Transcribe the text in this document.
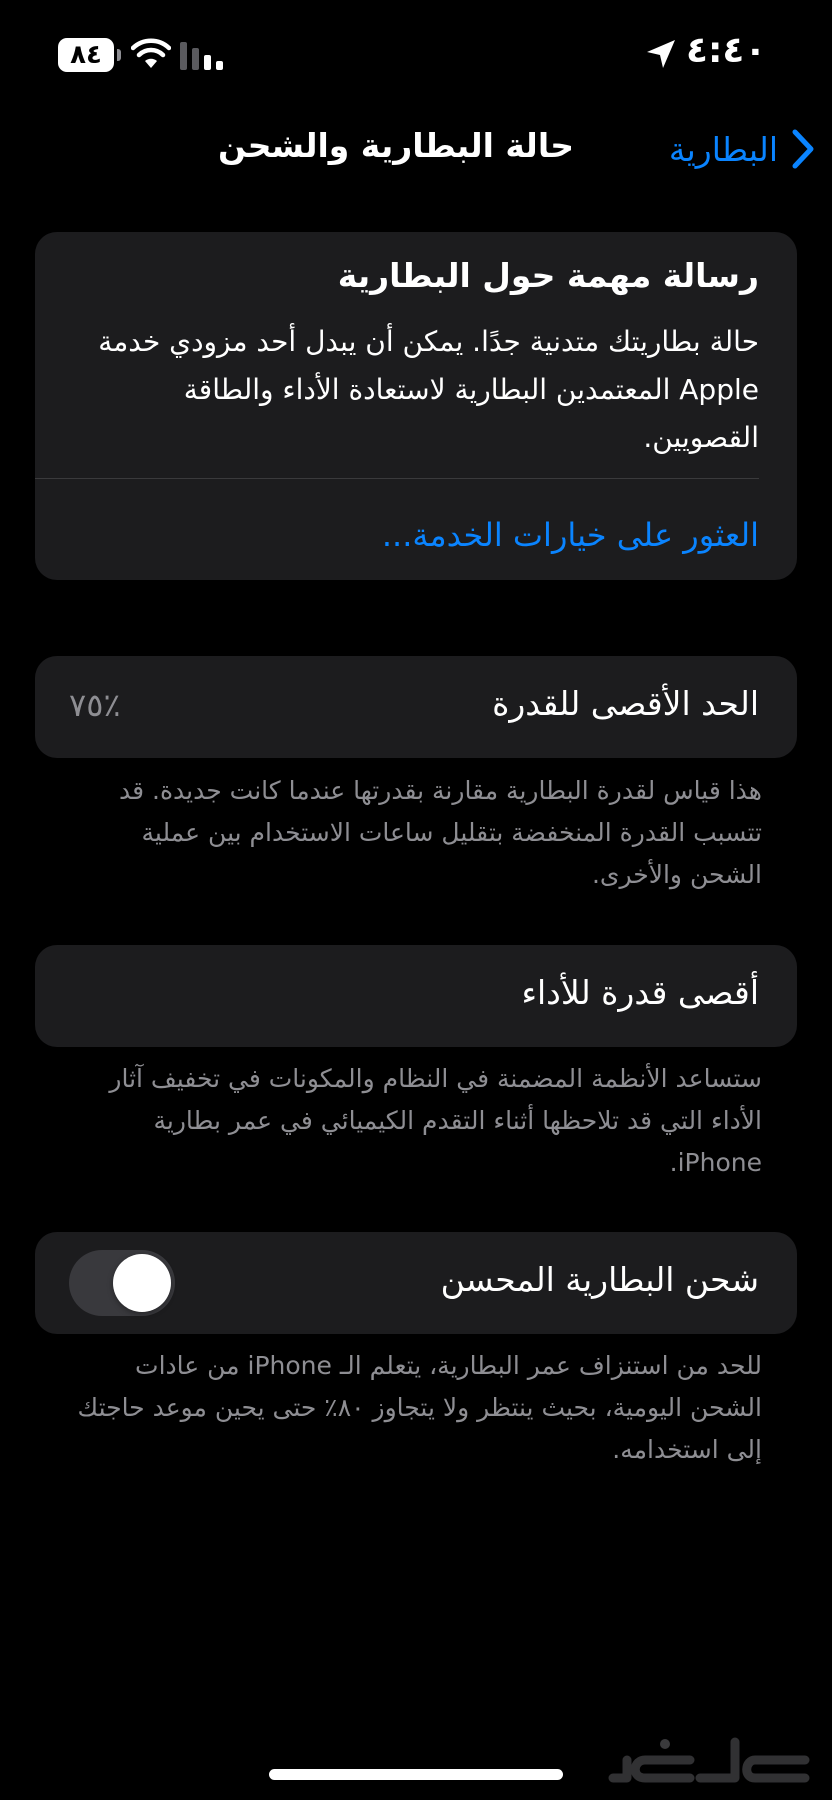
٨٤	٤:٤٠
البطارية
حالة البطارية والشحن
رسالة مهمة حول البطارية
حالة بطاريتك متدنية جدًا. يمكن أن يبدل أحد مزودي خدمة Apple المعتمدين البطارية لاستعادة الأداء والطاقة القصويين.
العثور على خيارات الخدمة...
الحد الأقصى للقدرة
٪٧٥
هذا قياس لقدرة البطارية مقارنة بقدرتها عندما كانت جديدة. قد تتسبب القدرة المنخفضة بتقليل ساعات الاستخدام بين عملية الشحن والأخرى.
أقصى قدرة للأداء
ستساعد الأنظمة المضمنة في النظام والمكونات في تخفيف آثار الأداء التي قد تلاحظها أثناء التقدم الكيميائي في عمر بطارية iPhone.
شحن البطارية المحسن
للحد من استنزاف عمر البطارية، يتعلم الـ iPhone من عادات الشحن اليومية، بحيث ينتظر ولا يتجاوز ٨٠٪ حتى يحين موعد حاجتك إلى استخدامه.
